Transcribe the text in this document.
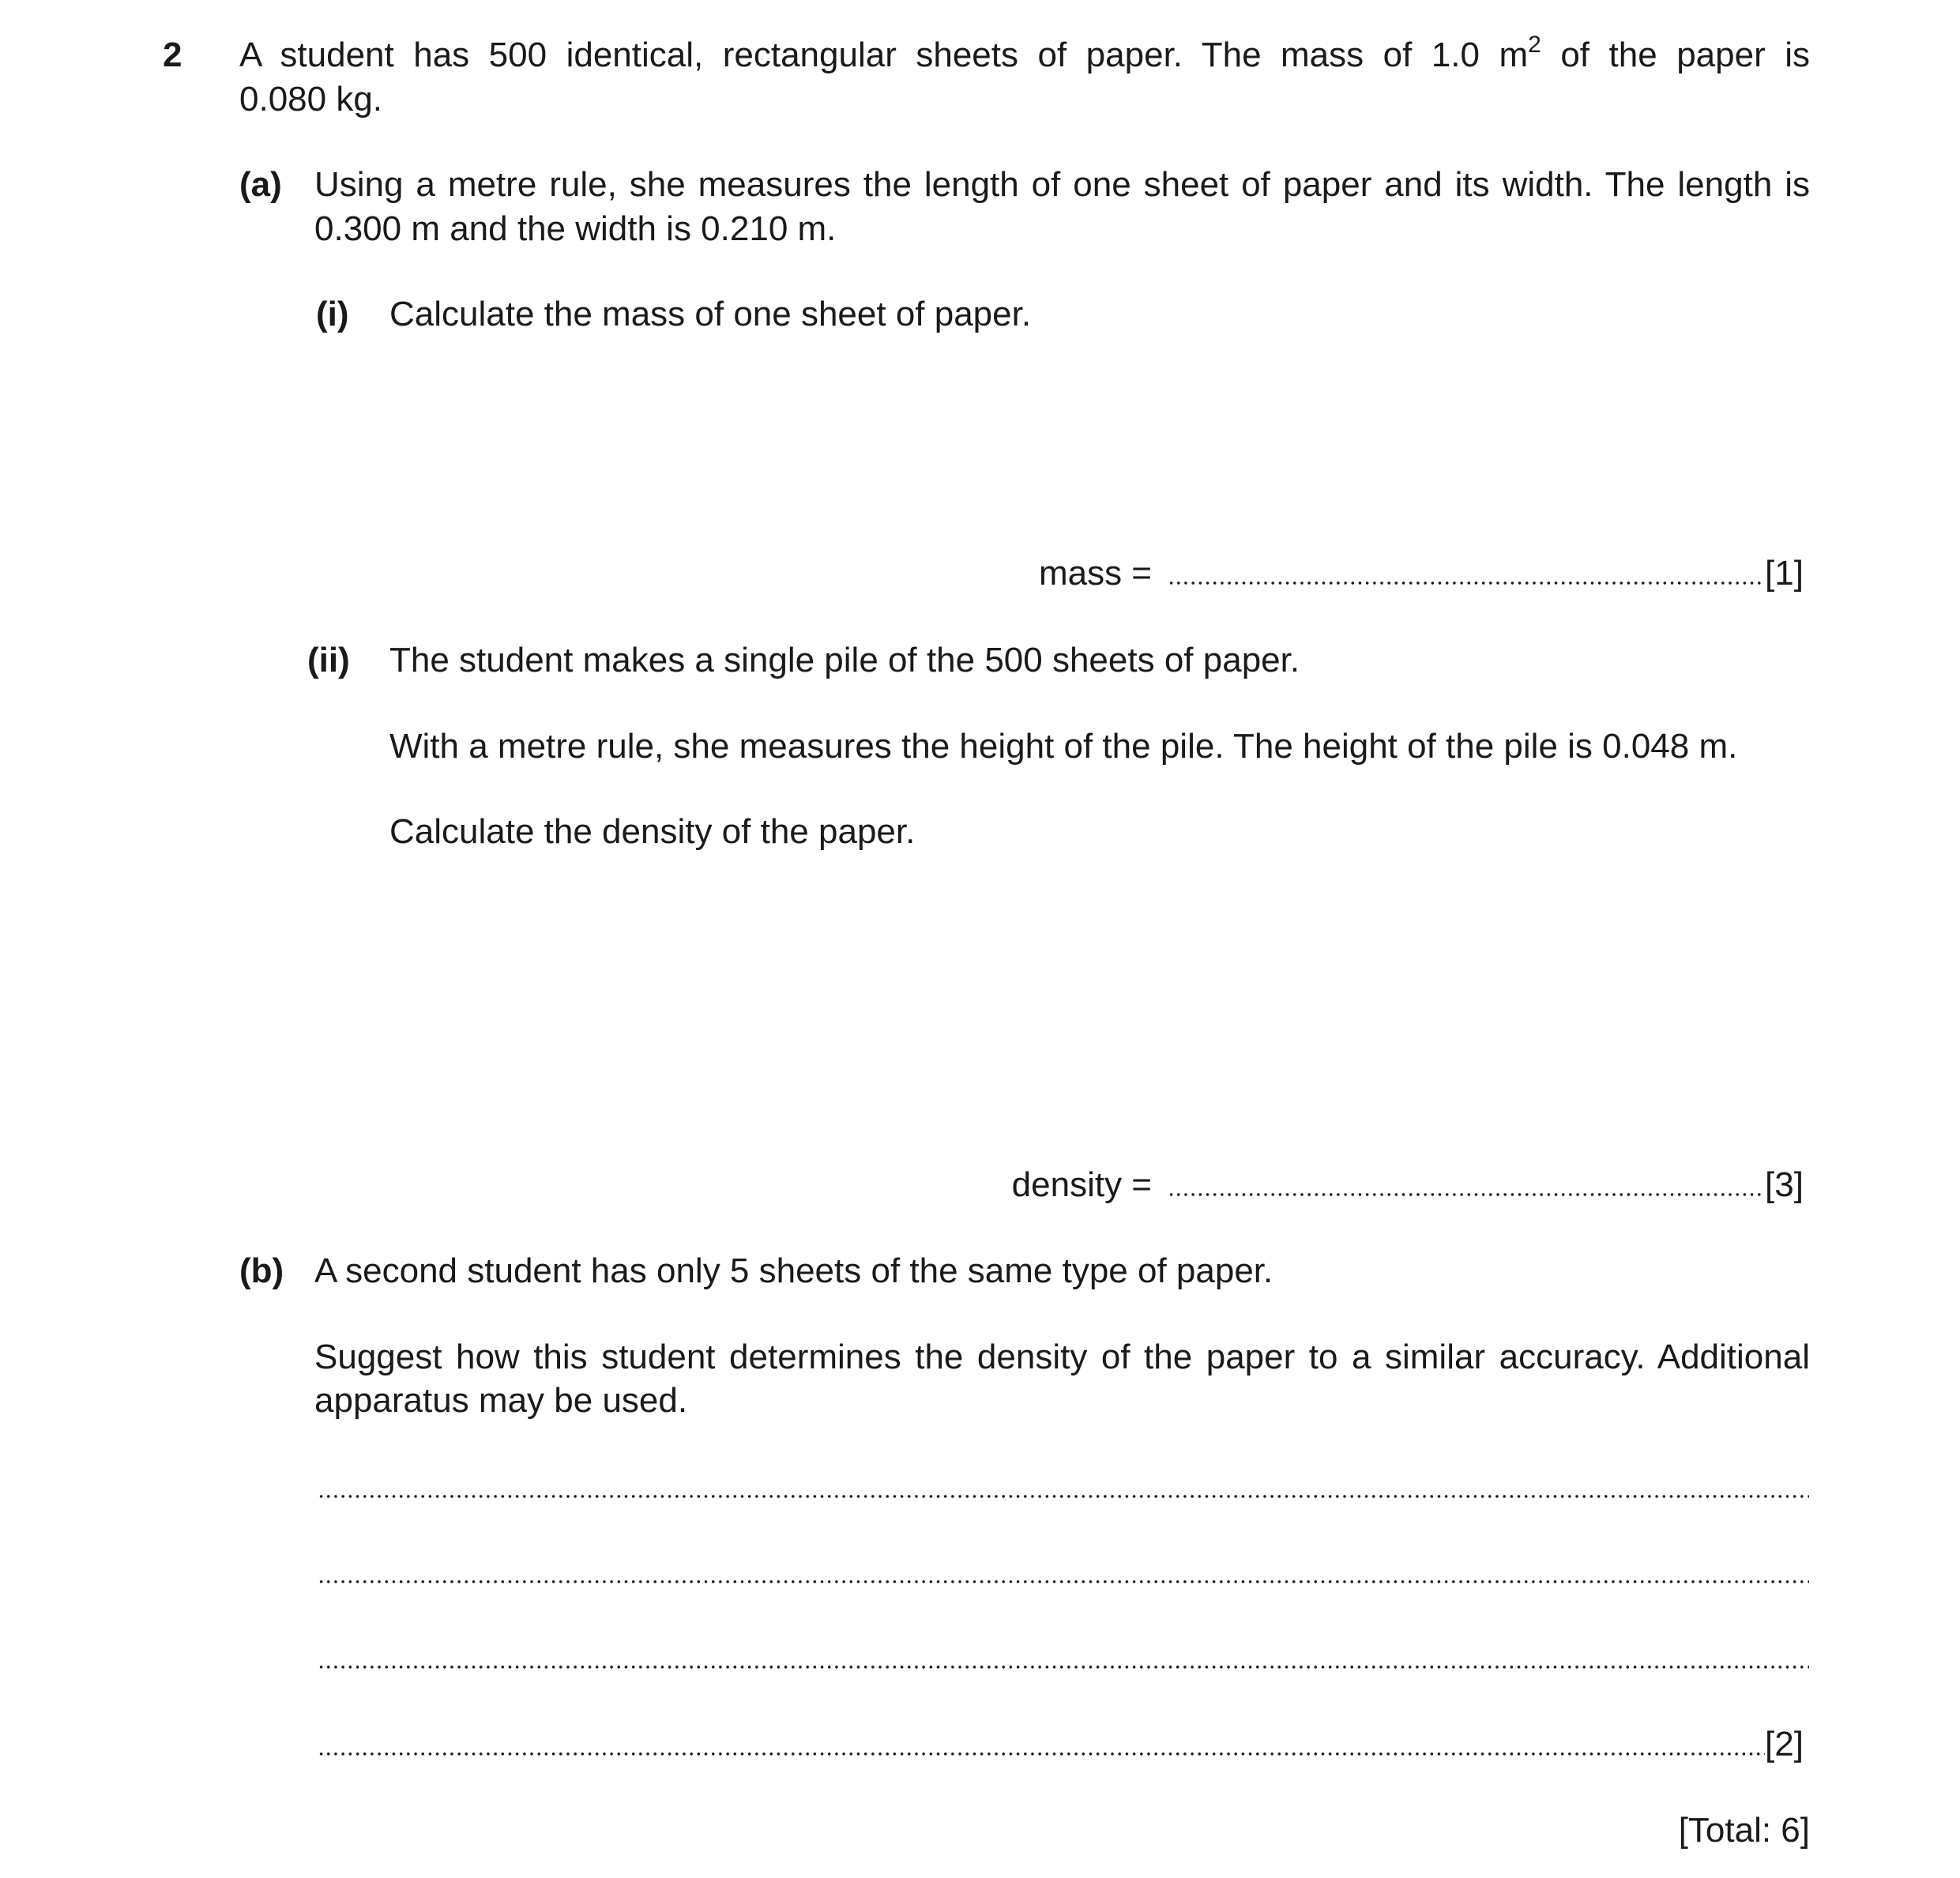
2 A student has 500 identical, rectangular sheets of paper. The mass of 1.0 $m^2$ of the paper is
0.080 kg.
(a) Using a metre rule, she measures the length of one sheet of paper and its width. The length is
0.300 m and the width is 0.210 m.
(i) Calculate the mass of one sheet of paper.
mass =	[1]
(ii) The student makes a single pile of the 500 sheets of paper.
With a metre rule, she measures the height of the pile. The height of the pile is 0.048 m.
Calculate the density of the paper.
density =	[3]
(b) A second student has only 5 sheets of the same type of paper.
Suggest how this student determines the density of the paper to a similar accuracy. Additional
apparatus may be used.
[2]
[Total: 6]
